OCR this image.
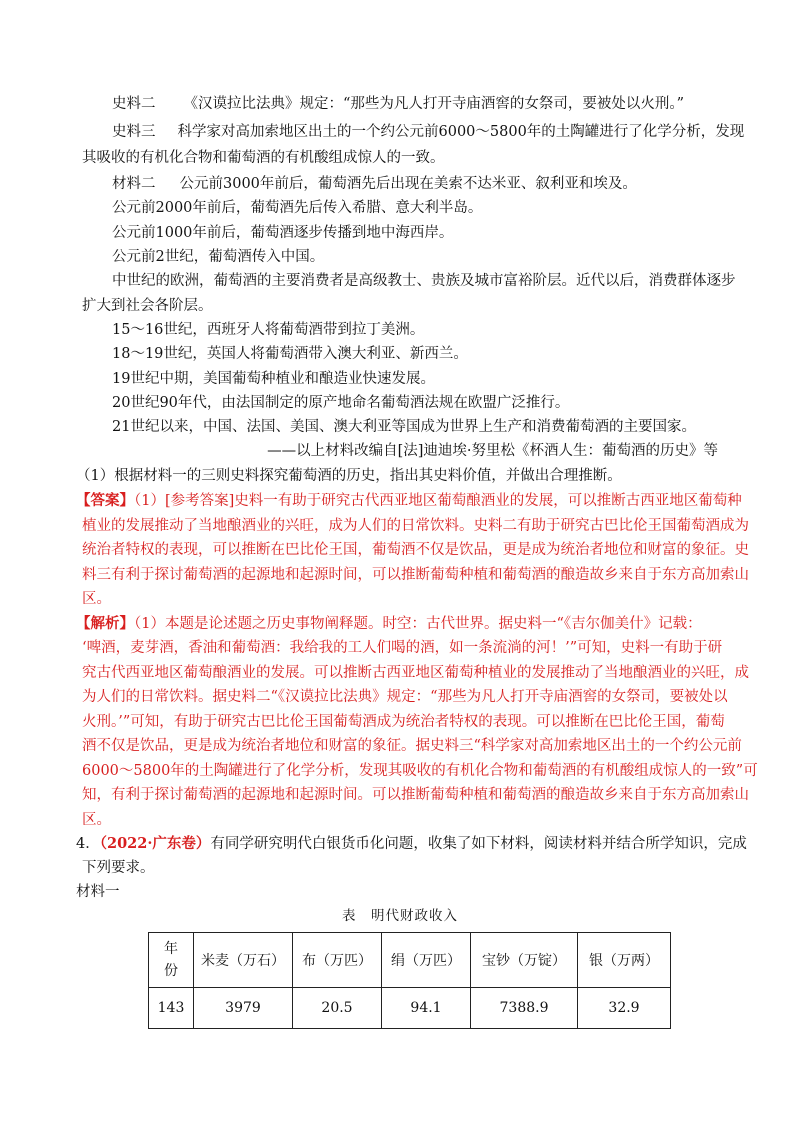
史料二 《汉谟拉比法典》规定：“那些为凡人打开寺庙酒窖的女祭司，要被处以火刑。”
史料三 科学家对高加索地区出土的一个约公元前6000～5800年的土陶罐进行了化学分析，发现
其吸收的有机化合物和葡萄酒的有机酸组成惊人的一致。
材料二 公元前3000年前后，葡萄酒先后出现在美索不达米亚、叙利亚和埃及。
公元前2000年前后，葡萄酒先后传入希腊、意大利半岛。
公元前1000年前后，葡萄酒逐步传播到地中海西岸。
公元前2世纪，葡萄酒传入中国。
中世纪的欧洲，葡萄酒的主要消费者是高级教士、贵族及城市富裕阶层。近代以后，消费群体逐步
扩大到社会各阶层。
15～16世纪，西班牙人将葡萄酒带到拉丁美洲。
18～19世纪，英国人将葡萄酒带入澳大利亚、新西兰。
19世纪中期，美国葡萄种植业和酿造业快速发展。
20世纪90年代，由法国制定的原产地命名葡萄酒法规在欧盟广泛推行。
21世纪以来，中国、法国、美国、澳大利亚等国成为世界上生产和消费葡萄酒的主要国家。
——以上材料改编自[法]迪迪埃·努里松《杯酒人生：葡萄酒的历史》等
（1）根据材料一的三则史料探究葡萄酒的历史，指出其史料价值，并做出合理推断。
【答案】（1）[参考答案]史料一有助于研究古代西亚地区葡萄酿酒业的发展，可以推断古西亚地区葡萄种
植业的发展推动了当地酿酒业的兴旺，成为人们的日常饮料。史料二有助于研究古巴比伦王国葡萄酒成为
统治者特权的表现，可以推断在巴比伦王国，葡萄酒不仅是饮品，更是成为统治者地位和财富的象征。史
料三有利于探讨葡萄酒的起源地和起源时间，可以推断葡萄种植和葡萄酒的酿造故乡来自于东方高加索山
区。
【解析】（1）本题是论述题之历史事物阐释题。时空：古代世界。据史料一“《吉尔伽美什》记载：
‘啤酒，麦芽酒，香油和葡萄酒：我给我的工人们喝的酒，如一条流淌的河！’”可知，史料一有助于研
究古代西亚地区葡萄酿酒业的发展。可以推断古西亚地区葡萄种植业的发展推动了当地酿酒业的兴旺，成
为人们的日常饮料。据史料二“《汉谟拉比法典》规定：“那些为凡人打开寺庙酒窖的女祭司，要被处以
火刑。’”可知，有助于研究古巴比伦王国葡萄酒成为统治者特权的表现。可以推断在巴比伦王国，葡萄
酒不仅是饮品，更是成为统治者地位和财富的象征。据史料三“科学家对高加索地区出土的一个约公元前
6000～5800年的土陶罐进行了化学分析，发现其吸收的有机化合物和葡萄酒的有机酸组成惊人的一致”可
知，有利于探讨葡萄酒的起源地和起源时间。可以推断葡萄种植和葡萄酒的酿造故乡来自于东方高加索山
区。
4．（2022·广东卷）有同学研究明代白银货币化问题，收集了如下材料，阅读材料并结合所学知识，完成
下列要求。
材料一
表　明代财政收入
年
份	米麦（万石）	布（万匹）	绢（万匹）	宝钞（万锭）	银（万两）
143	3979	20.5	94.1	7388.9	32.9
